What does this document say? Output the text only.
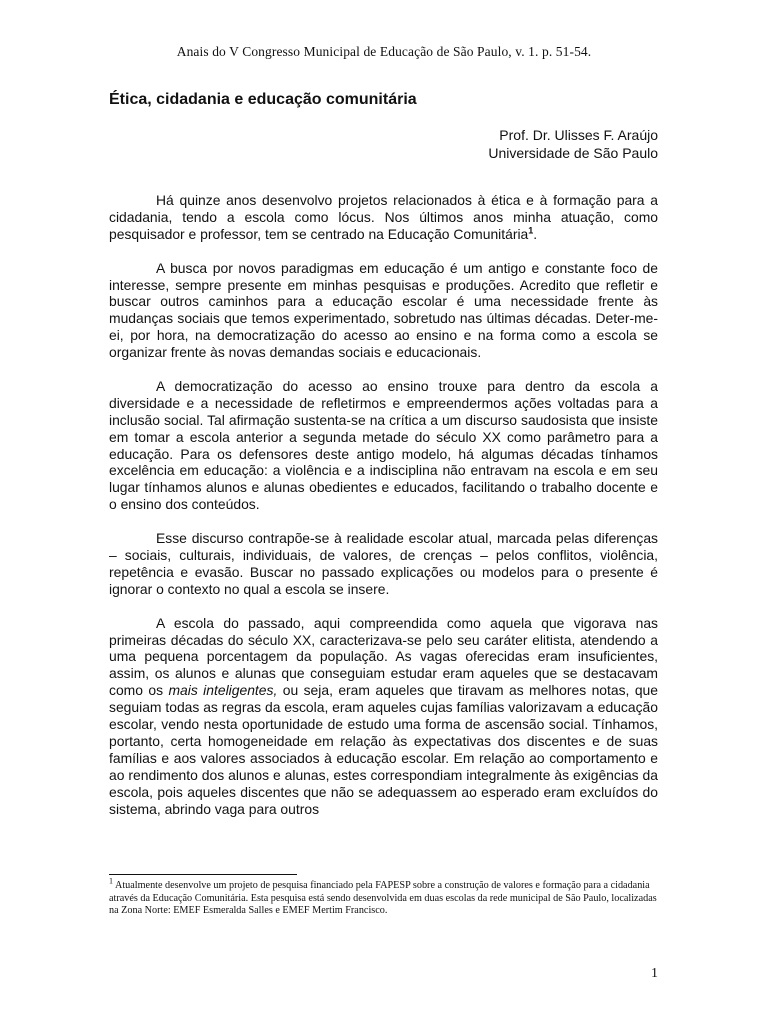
Anais do V Congresso Municipal de Educação de São Paulo, v. 1. p. 51-54.
Ética, cidadania e educação comunitária
Prof. Dr. Ulisses F. Araújo
Universidade de São Paulo

Há quinze anos desenvolvo projetos relacionados à ética e à formação para a cidadania, tendo a escola como lócus. Nos últimos anos minha atuação, como pesquisador e professor, tem se centrado na Educação Comunitária$^1$.

A busca por novos paradigmas em educação é um antigo e constante foco de interesse, sempre presente em minhas pesquisas e produções. Acredito que refletir e buscar outros caminhos para a educação escolar é uma necessidade frente às mudanças sociais que temos experimentado, sobretudo nas últimas décadas. Deter-me-ei, por hora, na democratização do acesso ao ensino e na forma como a escola se organizar frente às novas demandas sociais e educacionais.

A democratização do acesso ao ensino trouxe para dentro da escola a diversidade e a necessidade de refletirmos e empreendermos ações voltadas para a inclusão social. Tal afirmação sustenta-se na crítica a um discurso saudosista que insiste em tomar a escola anterior a segunda metade do século XX como parâmetro para a educação. Para os defensores deste antigo modelo, há algumas décadas tínhamos excelência em educação: a violência e a indisciplina não entravam na escola e em seu lugar tínhamos alunos e alunas obedientes e educados, facilitando o trabalho docente e o ensino dos conteúdos.

Esse discurso contrapõe-se à realidade escolar atual, marcada pelas diferenças – sociais, culturais, individuais, de valores, de crenças – pelos conflitos, violência, repetência e evasão. Buscar no passado explicações ou modelos para o presente é ignorar o contexto no qual a escola se insere.

A escola do passado, aqui compreendida como aquela que vigorava nas primeiras décadas do século XX, caracterizava-se pelo seu caráter elitista, atendendo a uma pequena porcentagem da população. As vagas oferecidas eram insuficientes, assim, os alunos e alunas que conseguiam estudar eram aqueles que se destacavam como os mais inteligentes, ou seja, eram aqueles que tiravam as melhores notas, que seguiam todas as regras da escola, eram aqueles cujas famílias valorizavam a educação escolar, vendo nesta oportunidade de estudo uma forma de ascensão social. Tínhamos, portanto, certa homogeneidade em relação às expectativas dos discentes e de suas famílias e aos valores associados à educação escolar. Em relação ao comportamento e ao rendimento dos alunos e alunas, estes correspondiam integralmente às exigências da escola, pois aqueles discentes que não se adequassem ao esperado eram excluídos do sistema, abrindo vaga para outros

$^1$ Atualmente desenvolve um projeto de pesquisa financiado pela FAPESP sobre a construção de valores e formação para a cidadania através da Educação Comunitária. Esta pesquisa está sendo desenvolvida em duas escolas da rede municipal de São Paulo, localizadas na Zona Norte: EMEF Esmeralda Salles e EMEF Mertim Francisco.
1
